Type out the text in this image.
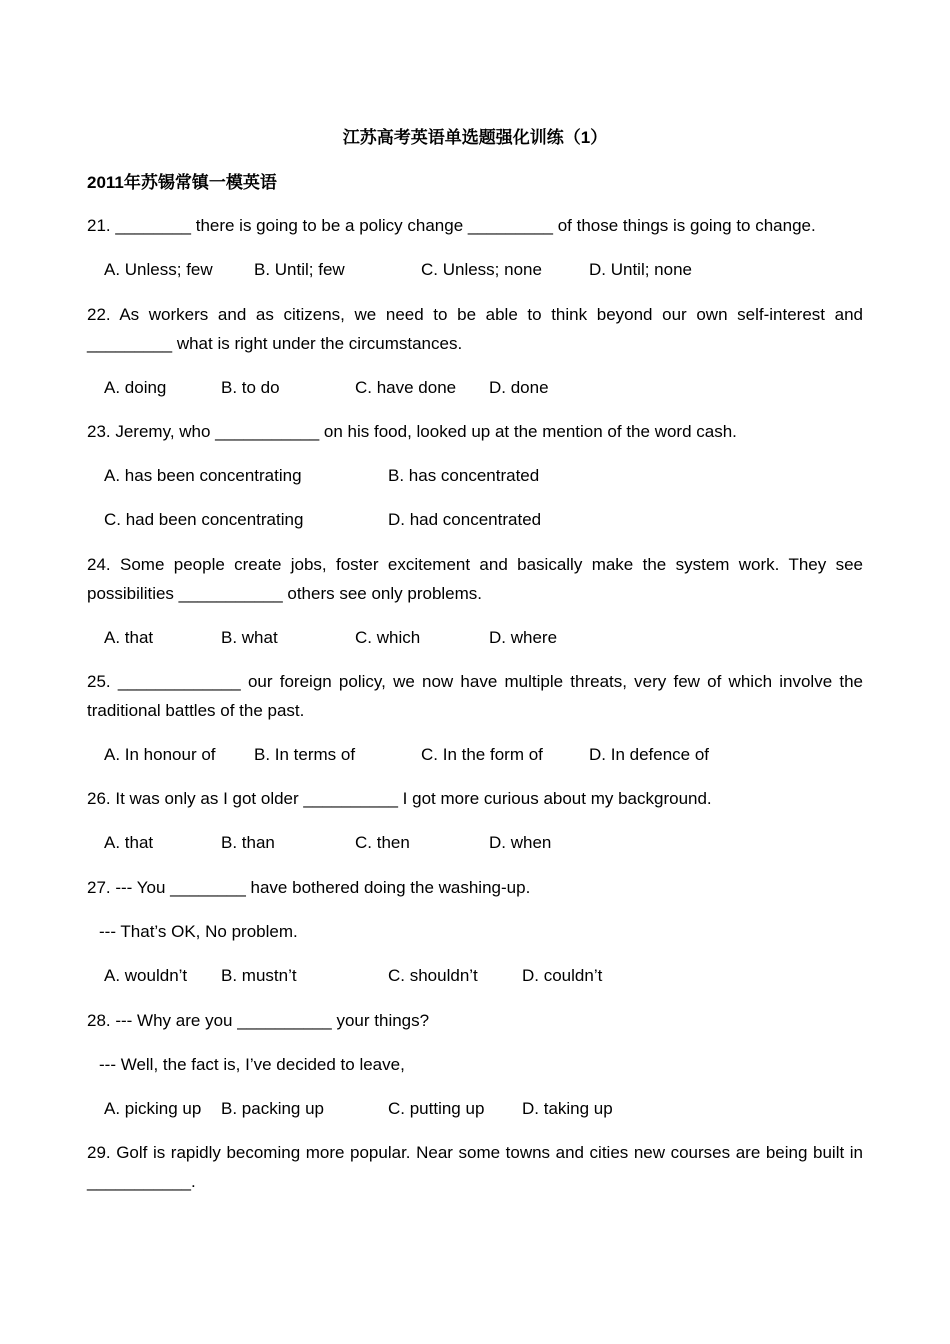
江苏高考英语单选题强化训练（1）
2011年苏锡常镇一模英语
21. ________ there is going to be a policy change _________ of those things is going to change.
A. Unless; few B. Until; few	C. Unless; none	D. Until; none
22. As workers and as citizens, we need to be able to think beyond our own self-interest and _________ what is right under the circumstances.
A. doing	B. to do	C. have done D. done
23. Jeremy, who ___________ on his food, looked up at the mention of the word cash.
A. has been concentrating	B. has concentrated
C. had been concentrating	D. had concentrated
24. Some people create jobs, foster excitement and basically make the system work. They see possibilities ___________ others see only problems.
A. that	B. what	C. which	D. where
25. _____________ our foreign policy, we now have multiple threats, very few of which involve the traditional battles of the past.
A. In honour of B. In terms of	C. In the form of	D. In defence of
26. It was only as I got older __________ I got more curious about my background.
A. that	B. than	C. then	D. when
27. --- You ________ have bothered doing the washing-up.
--- That’s OK, No problem.
A. wouldn’t B. mustn’t	C. shouldn’t	D. couldn’t
28. --- Why are you __________ your things?
--- Well, the fact is, I’ve decided to leave,
A. picking up B. packing up	C. putting up D. taking up
29. Golf is rapidly becoming more popular. Near some towns and cities new courses are being built in ___________.
